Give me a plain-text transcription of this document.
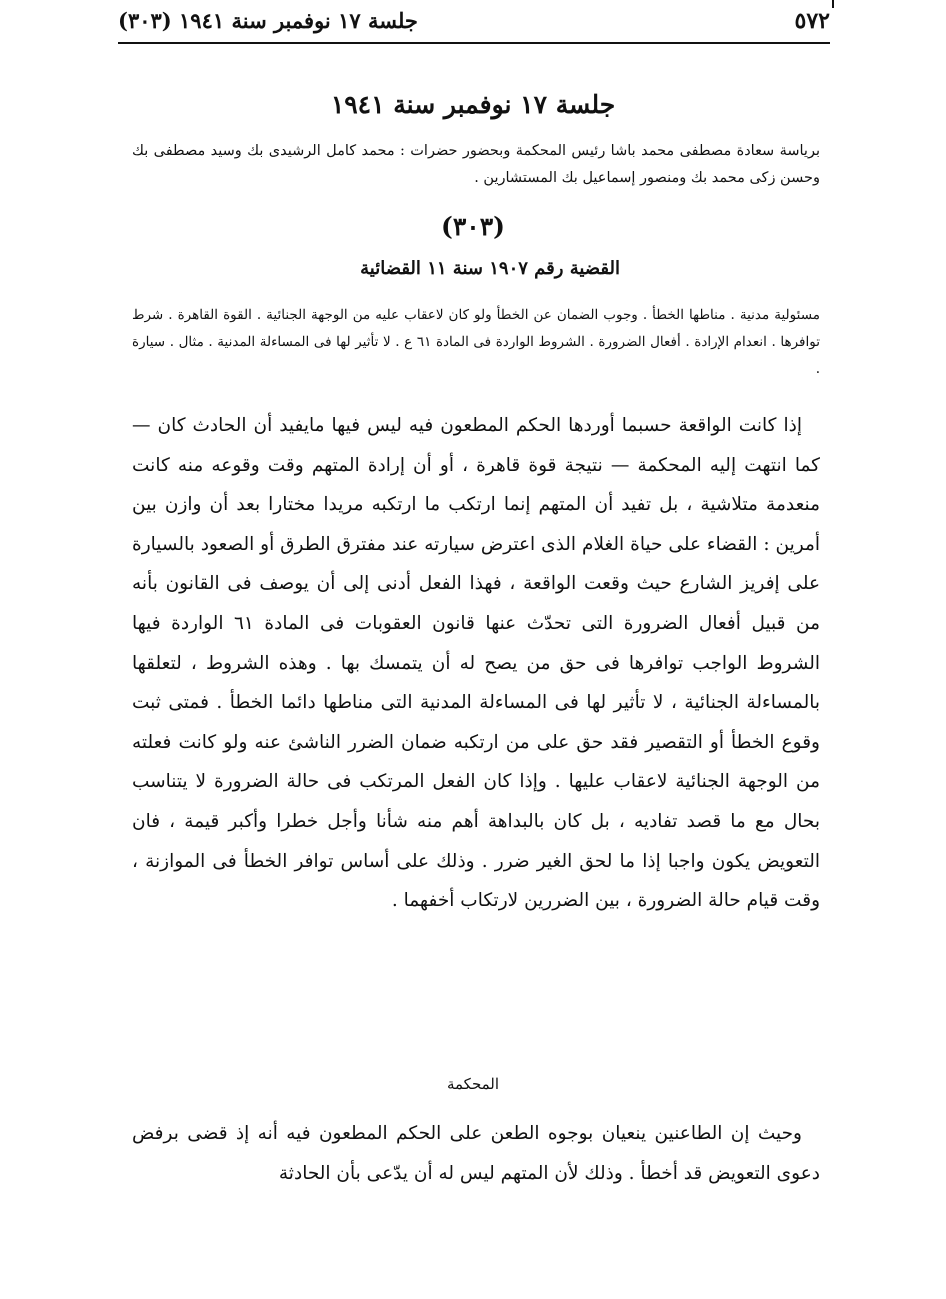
٥٧٢
جلسة ١٧ نوفمبر سنة ١٩٤١ (٣٠٣)
جلسة ١٧ نوفمبر سنة ١٩٤١
برياسة سعادة مصطفى محمد باشا رئيس المحكمة وبحضور حضرات : محمد كامل الرشيدى بك وسيد مصطفى بك وحسن زكى محمد بك ومنصور إسماعيل بك المستشارين .
(٣٠٣)
القضية رقم ١٩٠٧ سنة ١١ القضائية
مسئولية مدنية . مناطها الخطأ . وجوب الضمان عن الخطأ ولو كان لاعقاب عليه من الوجهة الجنائية . القوة القاهرة . شرط توافرها . انعدام الإرادة . أفعال الضرورة . الشروط الواردة فى المادة ٦١ ع . لا تأثير لها فى المساءلة المدنية . مثال . سيارة .
إذا كانت الواقعة حسبما أوردها الحكم المطعون فيه ليس فيها مايفيد أن الحادث كان — كما انتهت إليه المحكمة — نتيجة قوة قاهرة ، أو أن إرادة المتهم وقت وقوعه منه كانت منعدمة متلاشية ، بل تفيد أن المتهم إنما ارتكب ما ارتكبه مريدا مختارا بعد أن وازن بين أمرين : القضاء على حياة الغلام الذى اعترض سيارته عند مفترق الطرق أو الصعود بالسيارة على إفريز الشارع حيث وقعت الواقعة ، فهذا الفعل أدنى إلى أن يوصف فى القانون بأنه من قبيل أفعال الضرورة التى تحدّث عنها قانون العقوبات فى المادة ٦١ الواردة فيها الشروط الواجب توافرها فى حق من يصح له أن يتمسك بها . وهذه الشروط ، لتعلقها بالمساءلة الجنائية ، لا تأثير لها فى المساءلة المدنية التى مناطها دائما الخطأ . فمتى ثبت وقوع الخطأ أو التقصير فقد حق على من ارتكبه ضمان الضرر الناشئ عنه ولو كانت فعلته من الوجهة الجنائية لاعقاب عليها . وإذا كان الفعل المرتكب فى حالة الضرورة لا يتناسب بحال مع ما قصد تفاديه ، بل كان بالبداهة أهم منه شأنا وأجل خطرا وأكبر قيمة ، فان التعويض يكون واجبا إذا ما لحق الغير ضرر . وذلك على أساس توافر الخطأ فى الموازنة ، وقت قيام حالة الضرورة ، بين الضررين لارتكاب أخفهما .
المحكمة
وحيث إن الطاعنين ينعيان بوجوه الطعن على الحكم المطعون فيه أنه إذ قضى برفض دعوى التعويض قد أخطأ . وذلك لأن المتهم ليس له أن يدّعى بأن الحادثة
